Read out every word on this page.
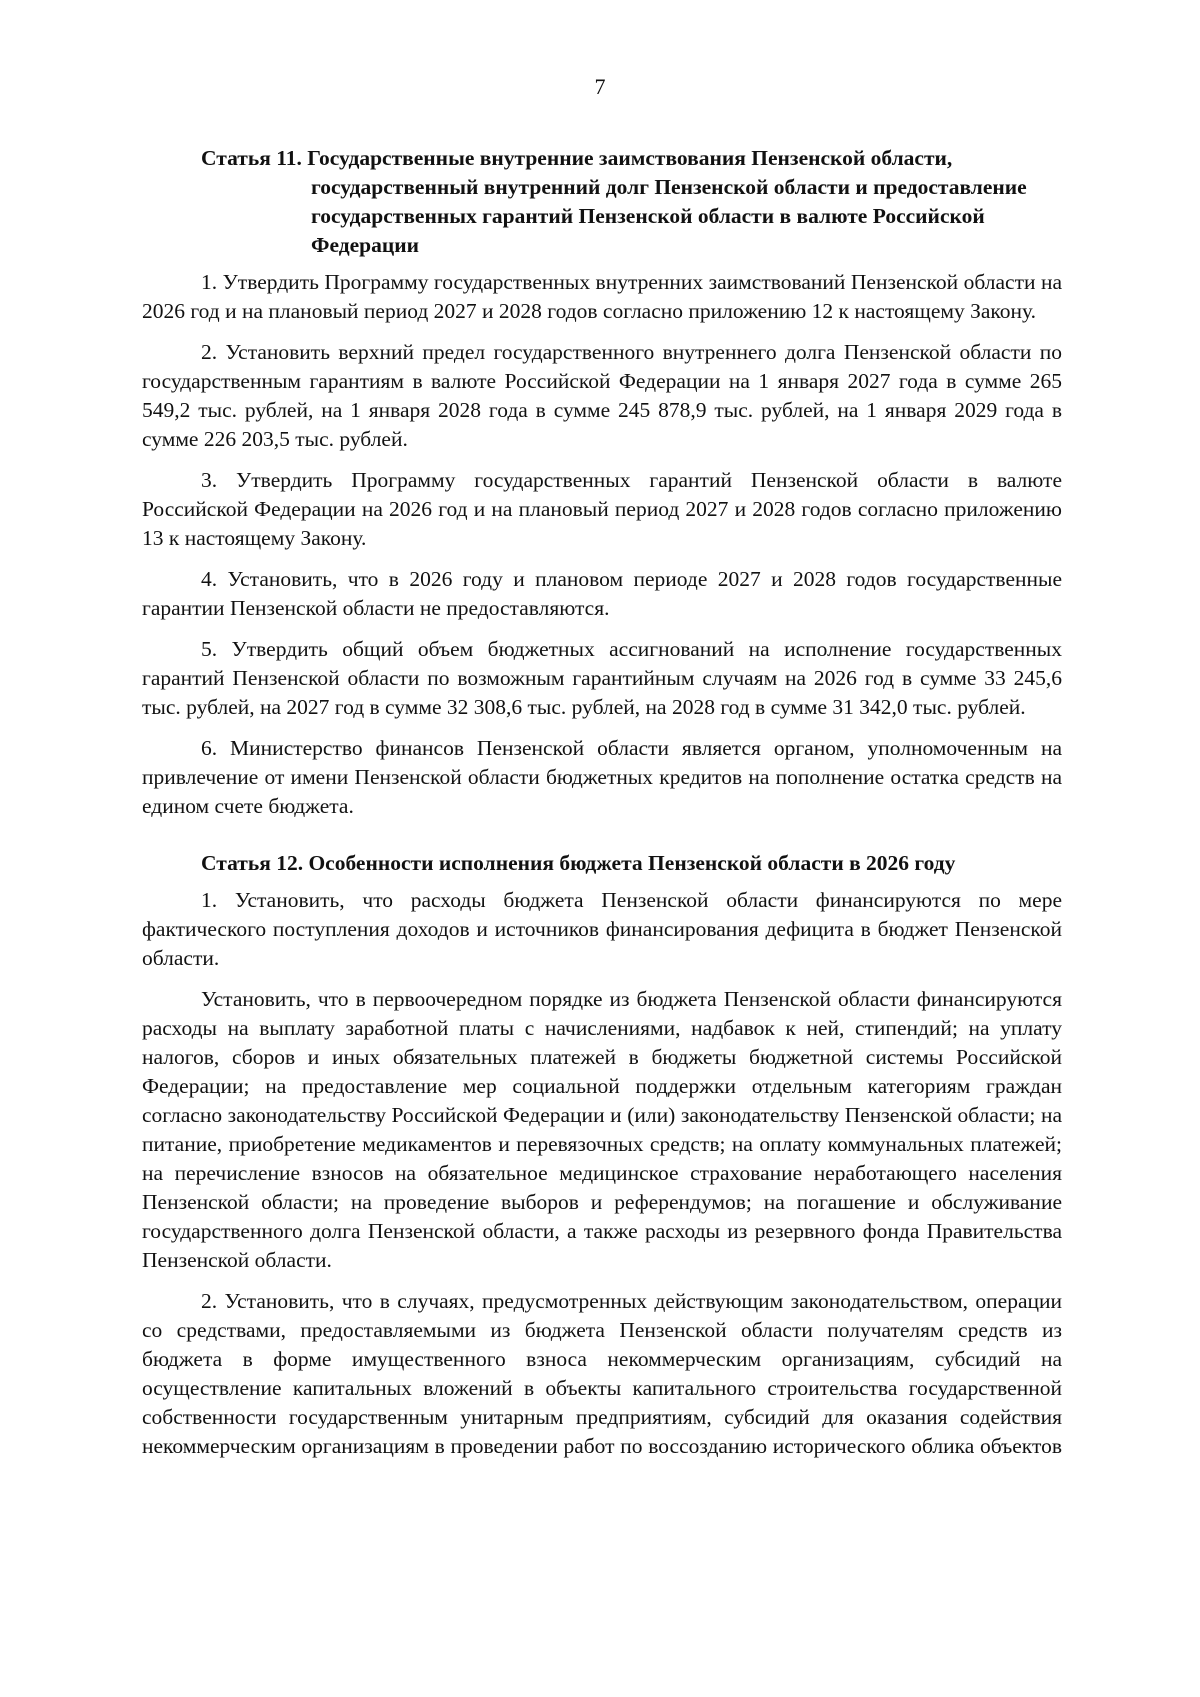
7
Статья 11. Государственные внутренние заимствования Пензенской области,
государственный внутренний долг Пензенской области и предоставление государственных гарантий Пензенской области в валюте Российской Федерации

1. Утвердить Программу государственных внутренних заимствований Пензенской области на 2026 год и на плановый период 2027 и 2028 годов согласно приложению 12 к настоящему Закону.

2. Установить верхний предел государственного внутреннего долга Пензенской области по государственным гарантиям в валюте Российской Федерации на 1 января 2027 года в сумме 265 549,2 тыс. рублей, на 1 января 2028 года в сумме 245 878,9 тыс. рублей, на 1 января 2029 года в сумме 226 203,5 тыс. рублей.

3. Утвердить Программу государственных гарантий Пензенской области в валюте Российской Федерации на 2026 год и на плановый период 2027 и 2028 годов согласно приложению 13 к настоящему Закону.

4. Установить, что в 2026 году и плановом периоде 2027 и 2028 годов государственные гарантии Пензенской области не предоставляются.

5. Утвердить общий объем бюджетных ассигнований на исполнение государственных гарантий Пензенской области по возможным гарантийным случаям на 2026 год в сумме 33 245,6 тыс. рублей, на 2027 год в сумме 32 308,6 тыс. рублей, на 2028 год в сумме 31 342,0 тыс. рублей.

6. Министерство финансов Пензенской области является органом, уполномоченным на привлечение от имени Пензенской области бюджетных кредитов на пополнение остатка средств на едином счете бюджета.

Статья 12. Особенности исполнения бюджета Пензенской области в 2026 году

1. Установить, что расходы бюджета Пензенской области финансируются по мере фактического поступления доходов и источников финансирования дефицита в бюджет Пензенской области.

Установить, что в первоочередном порядке из бюджета Пензенской области финансируются расходы на выплату заработной платы с начислениями, надбавок к ней, стипендий; на уплату налогов, сборов и иных обязательных платежей в бюджеты бюджетной системы Российской Федерации; на предоставление мер социальной поддержки отдельным категориям граждан согласно законодательству Российской Федерации и (или) законодательству Пензенской области; на питание, приобретение медикаментов и перевязочных средств; на оплату коммунальных платежей; на перечисление взносов на обязательное медицинское страхование неработающего населения Пензенской области; на проведение выборов и референдумов; на погашение и обслуживание государственного долга Пензенской области, а также расходы из резервного фонда Правительства Пензенской области.

2. Установить, что в случаях, предусмотренных действующим законодательством, операции со средствами, предоставляемыми из бюджета Пензенской области получателям средств из бюджета в форме имущественного взноса некоммерческим организациям, субсидий на осуществление капитальных вложений в объекты капитального строительства государственной собственности государственным унитарным предприятиям, субсидий для оказания содействия некоммерческим организациям в проведении работ по воссозданию исторического облика объектов
